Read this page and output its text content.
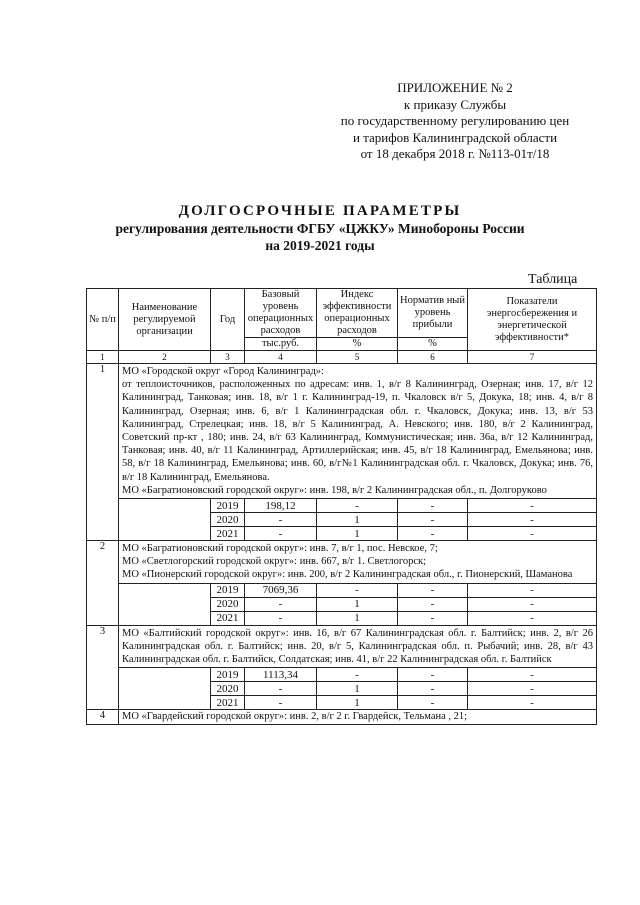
ПРИЛОЖЕНИЕ № 2
к приказу Службы
по государственному регулированию цен
и тарифов Калининградской области
от 18 декабря 2018 г. №113-01т/18
ДОЛГОСРОЧНЫЕ ПАРАМЕТРЫ
регулирования деятельности ФГБУ «ЦЖКУ» Минобороны России
на 2019-2021 годы
Таблица
№ п/п	Наименование регулируемой организации	Год	Базовый уровень операционных расходов	Индекс эффективности операционных расходов	Норматив ный уровень прибыли	Показатели энергосбережения и энергетической эффективности*
			тыс.руб.	%	%	
1	2	3	4	5	6	7
1	МО «Городской округ «Город Калининград»:

от теплоисточников, расположенных по адресам: инв. 1, в/г 8 Калининград, Озерная; инв. 17, в/г 12 Калининград, Танковая; инв. 18, в/г 1 г. Калининград-19, п. Чкаловск в/г 5, Докука, 18; инв. 4, в/г 8 Калининград, Озерная; инв. 6, в/г 1 Калининградская обл. г. Чкаловск, Докука; инв. 13, в/г 53 Калининград, Стрелецкая; инв. 18, в/г 5 Калининград, А. Невского; инв. 180, в/г 2 Калининград, Советский пр-кт , 180; инв. 24, в/г 63 Калининград, Коммунистическая; инв. 36а, в/г 12 Калининград, Танковая; инв. 40, в/г 11 Калининград, Артиллерийская; инв. 45, в/г 18 Калининград, Емельянова; инв. 58, в/г 18 Калининград, Емельянова; инв. 60, в/г№1 Калининградская обл. г. Чкаловск, Докука; инв. 76, в/г 18 Калининград, Емельянова.

МО «Багратионовский городской округ»: инв. 198, в/г 2 Калининградская обл., п. Долгоруково					

		2019	198,12	-	-	-
		2020	-	1	-	-
		2021	-	1	-	-
2	МО «Багратионовский городской округ»: инв. 7, в/г 1, пос. Невское, 7;

МО «Светлогорский городской округ»: инв. 667, в/г 1. Светлогорск;

МО «Пионерский городской округ»: инв. 200, в/г 2 Калининградская обл., г. Пионерский, Шаманова					

		2019	7069,36	-	-	-
		2020	-	1	-	-
		2021	-	1	-	-
3	МО «Балтийский городской округ»: инв. 16, в/г 67 Калининградская обл. г. Балтийск; инв. 2, в/г 26 Калининградская обл. г. Балтийск; инв. 20, в/г 5, Калининградская обл. п. Рыбачий; инв. 28, в/г 43 Калининградская обл. г. Балтийск, Солдатская; инв. 41, в/г 22 Калининградская обл. г. Балтийск					

		2019	1113,34	-	-	-
		2020	-	1	-	-
		2021	-	1	-	-
4	МО «Гвардейский городской округ»: инв. 2, в/г 2 г. Гвардейск, Тельмана , 21;					
